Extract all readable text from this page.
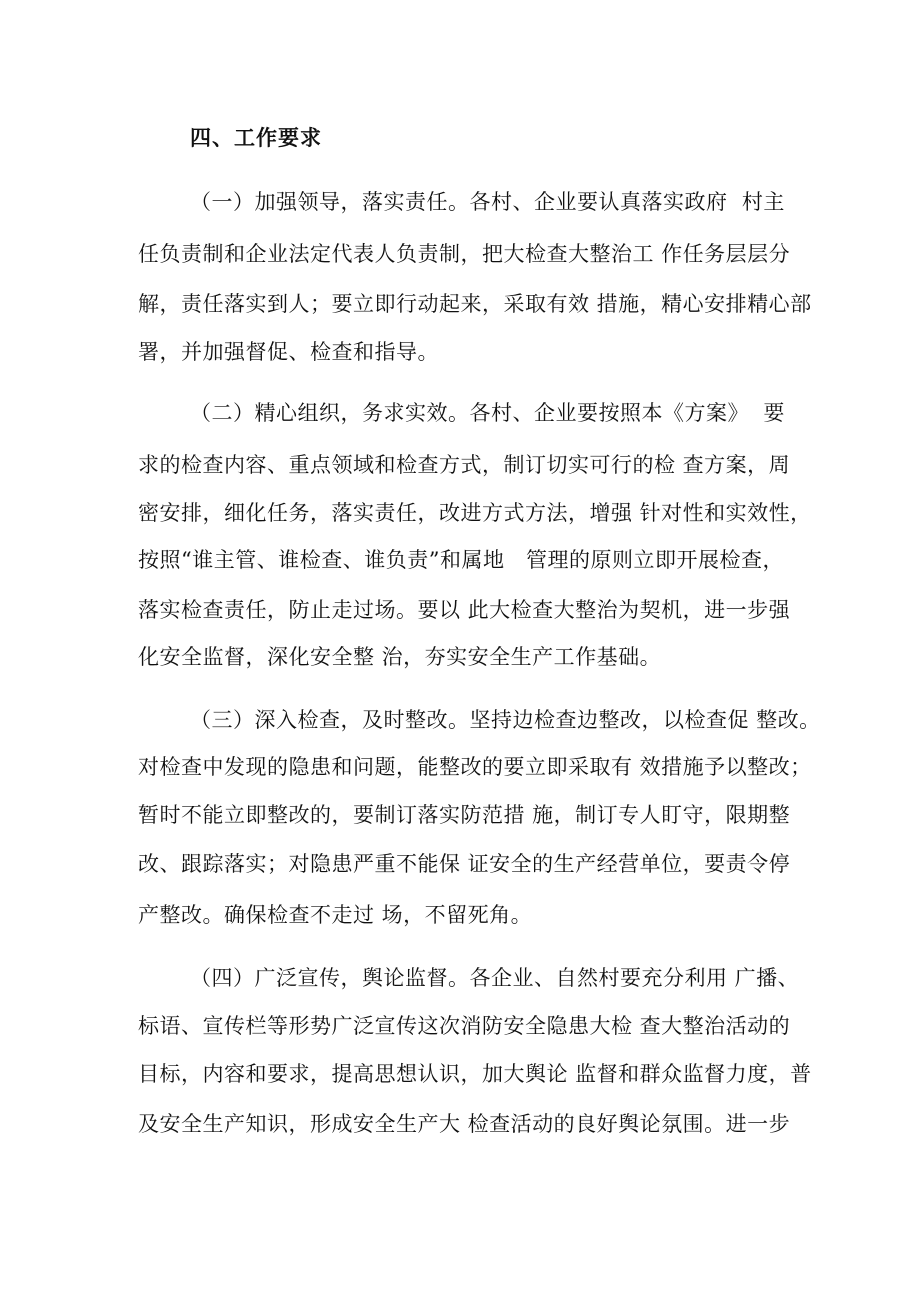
四、工作要求
（一）加强领导，落实责任。各村、企业要认真落实政府  村主
任负责制和企业法定代表人负责制，把大检查大整治工 作任务层层分
解，责任落实到人；要立即行动起来，采取有效 措施，精心安排精心部
署，并加强督促、检查和指导。
（二）精心组织，务求实效。各村、企业要按照本《方案》  要
求的检查内容、重点领域和检查方式，制订切实可行的检 查方案，周
密安排，细化任务，落实责任，改进方式方法，增强 针对性和实效性，
按照“谁主管、谁检查、谁负责”和属地   管理的原则立即开展检查，
落实检查责任，防止走过场。要以 此大检查大整治为契机，进一步强
化安全监督，深化安全整 治，夯实安全生产工作基础。
（三）深入检查，及时整改。坚持边检查边整改，以检查促 整改。
对检查中发现的隐患和问题，能整改的要立即采取有 效措施予以整改；
暂时不能立即整改的，要制订落实防范措 施，制订专人盯守，限期整
改、跟踪落实；对隐患严重不能保 证安全的生产经营单位，要责令停
产整改。确保检查不走过 场，不留死角。
（四）广泛宣传，舆论监督。各企业、自然村要充分利用 广播、
标语、宣传栏等形势广泛宣传这次消防安全隐患大检 查大整治活动的
目标，内容和要求，提高思想认识，加大舆论 监督和群众监督力度，普
及安全生产知识，形成安全生产大 检查活动的良好舆论氛围。进一步
